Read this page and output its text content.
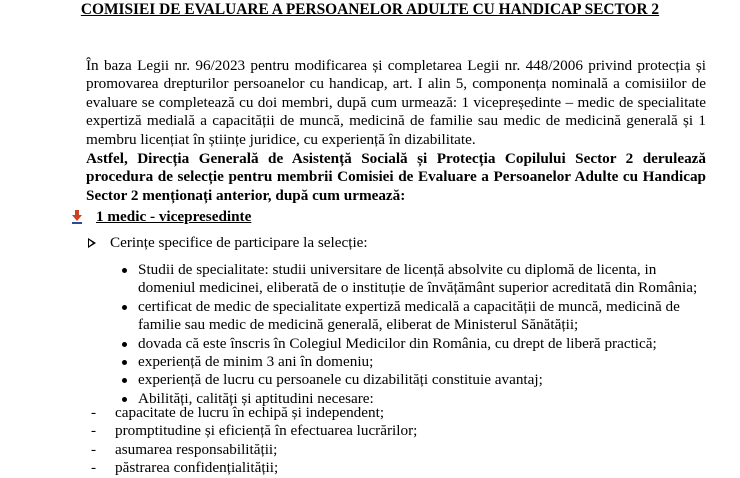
COMISIEI DE EVALUARE A PERSOANELOR ADULTE CU HANDICAP SECTOR 2

În baza Legii nr. 96/2023 pentru modificarea și completarea Legii nr. 448/2006 privind protecția și promovarea drepturilor persoanelor cu handicap, art. I alin 5, componența nominală a comisiilor de evaluare se completează cu doi membri, după cum urmează: 1 vicepreședinte – medic de specialitate expertiză medială a capacității de muncă, medicină de familie sau medic de medicină generală și 1 membru licențiat în științe juridice, cu experiență în dizabilitate.

Astfel, Direcția Generală de Asistență Socială și Protecția Copilului Sector 2 derulează procedura de selecție pentru membrii Comisiei de Evaluare a Persoanelor Adulte cu Handicap Sector 2 menționați anterior, după cum urmează:

1 medic - vicepresedinte

Cerințe specifice de participare la selecție:

Studii de specialitate: studii universitare de licență absolvite cu diplomă de licenta, in domeniul medicinei, eliberată de o instituție de învățământ superior acreditată din România;
certificat de medic de specialitate expertiză medicală a capacității de muncă, medicină de familie sau medic de medicină generală, eliberat de Ministerul Sănătății;
dovada că este înscris în Colegiul Medicilor din România, cu drept de liberă practică;
experiență de minim 3 ani în domeniu;
experiență de lucru cu persoanele cu dizabilități constituie avantaj;
Abilități, calități și aptitudini necesare:
- capacitate de lucru în echipă și independent;
- promptitudine și eficiență în efectuarea lucrărilor;
- asumarea responsabilității;
- păstrarea confidențialității;
